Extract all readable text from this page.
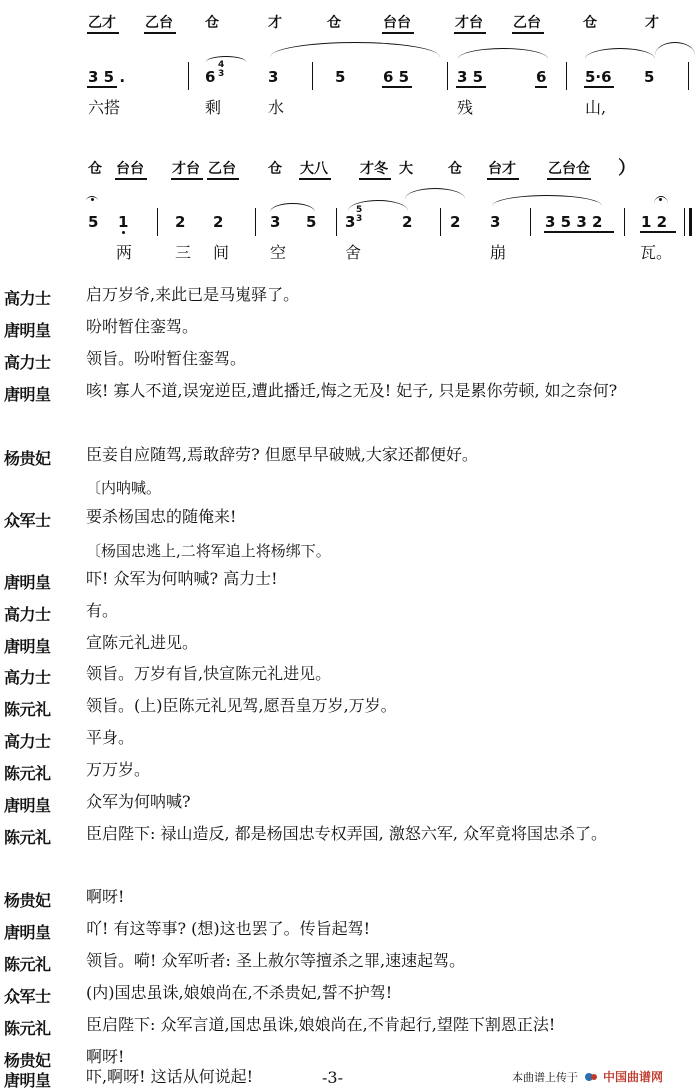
乙才 乙台 仓	才	仓	台台	才台 乙台	仓	才
3 5 .	6
4
3	3	5	6 5	3 5	6	5·6 5
六搭	剩	水	残	山,
仓 台台 才台 乙台 仓 大八 才冬 大	仓 台才 乙台仓 ）
5 1	2 2	3 5 3
5
3	2	2 3	3 5 3 2	1 2
两	三 间	空	舍	崩	瓦。
高力士	启万岁爷,来此已是马嵬驿了。
唐明皇	吩咐暂住銮驾。
高力士	领旨。吩咐暂住銮驾。
唐明皇	咳! 寡人不道,误宠逆臣,遭此播迁,悔之无及! 妃子, 只是累你劳顿, 如之奈何?
杨贵妃	臣妾自应随驾,焉敢辞劳? 但愿早早破贼,大家还都便好。
〔内呐喊。
众军士	要杀杨国忠的随俺来!
〔杨国忠逃上,二将军追上将杨绑下。
唐明皇	吓! 众军为何呐喊? 高力士!
高力士	有。
唐明皇	宣陈元礼进见。
高力士	领旨。万岁有旨,快宣陈元礼进见。
陈元礼	领旨。(上)臣陈元礼见驾,愿吾皇万岁,万岁。
高力士	平身。
陈元礼	万万岁。
唐明皇	众军为何呐喊?
陈元礼	臣启陛下: 禄山造反, 都是杨国忠专权弄国, 激怒六军, 众军竟将国忠杀了。
杨贵妃	啊呀!
唐明皇	吖! 有这等事? (想)这也罢了。传旨起驾!
陈元礼	领旨。嗬! 众军听者: 圣上赦尔等擅杀之罪,速速起驾。
众军士	(内)国忠虽诛,娘娘尚在,不杀贵妃,誓不护驾!
陈元礼	臣启陛下: 众军言道,国忠虽诛,娘娘尚在,不肯起行,望陛下割恩正法!
杨贵妃	啊呀!
唐明皇	吓,啊呀! 这话从何说起!	-3-	本曲谱上传于 中国曲谱网
